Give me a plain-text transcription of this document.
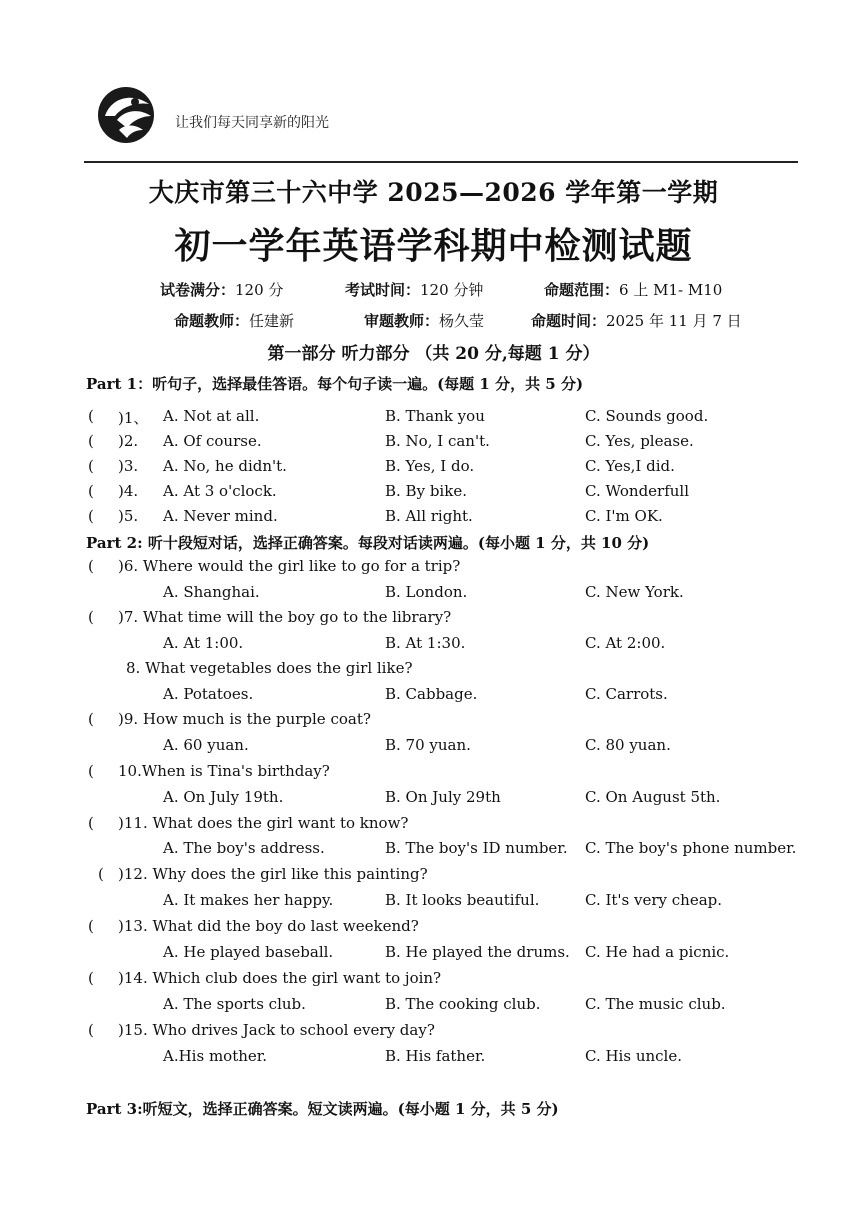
让我们每天同享新的阳光
大庆市第三十六中学 2025—2026 学年第一学期
初一学年英语学科期中检测试题
试卷满分：120 分	考试时间：120 分钟	命题范围：6 上 M1- M10
命题教师：任建新	审题教师：杨久莹	命题时间：2025 年 11 月 7 日
第一部分 听力部分 （共 20 分,每题 1 分）
Part 1：听句子，选择最佳答语。每个句子读一遍。(每题 1 分，共 5 分)
( )1、 A. Not at all.	B. Thank you	C. Sounds good.
( )2. A. Of course.	B. No, I can't.	C. Yes, please.
( )3. A. No, he didn't.	B. Yes, I do.	C. Yes,I did.
( )4. A. At 3 o'clock.	B. By bike.	C. Wonderfull
( )5. A. Never mind.	B. All right.	C. I'm OK.
Part 2: 听十段短对话，选择正确答案。每段对话读两遍。(每小题 1 分，共 10 分)
( )6. Where would the girl like to go for a trip?
A. Shanghai.	B. London.	C. New York.
( )7. What time will the boy go to the library?
A. At 1:00.	B. At 1:30.	C. At 2:00.
8. What vegetables does the girl like?
A. Potatoes.	B. Cabbage.	C. Carrots.
( )9. How much is the purple coat?
A. 60 yuan.	B. 70 yuan.	C. 80 yuan.
( 10.When is Tina's birthday?
A. On July 19th.	B. On July 29th	C. On August 5th.
( )11. What does the girl want to know?
A. The boy's address.	B. The boy's ID number. C. The boy's phone number.
( )12. Why does the girl like this painting?
A. It makes her happy.	B. It looks beautiful.	C. It's very cheap.
( )13. What did the boy do last weekend?
A. He played baseball.	B. He played the drums. C. He had a picnic.
( )14. Which club does the girl want to join?
A. The sports club.	B. The cooking club.	C. The music club.
( )15. Who drives Jack to school every day?
A.His mother.	B. His father.	C. His uncle.
Part 3:听短文，选择正确答案。短文读两遍。(每小题 1 分，共 5 分)
